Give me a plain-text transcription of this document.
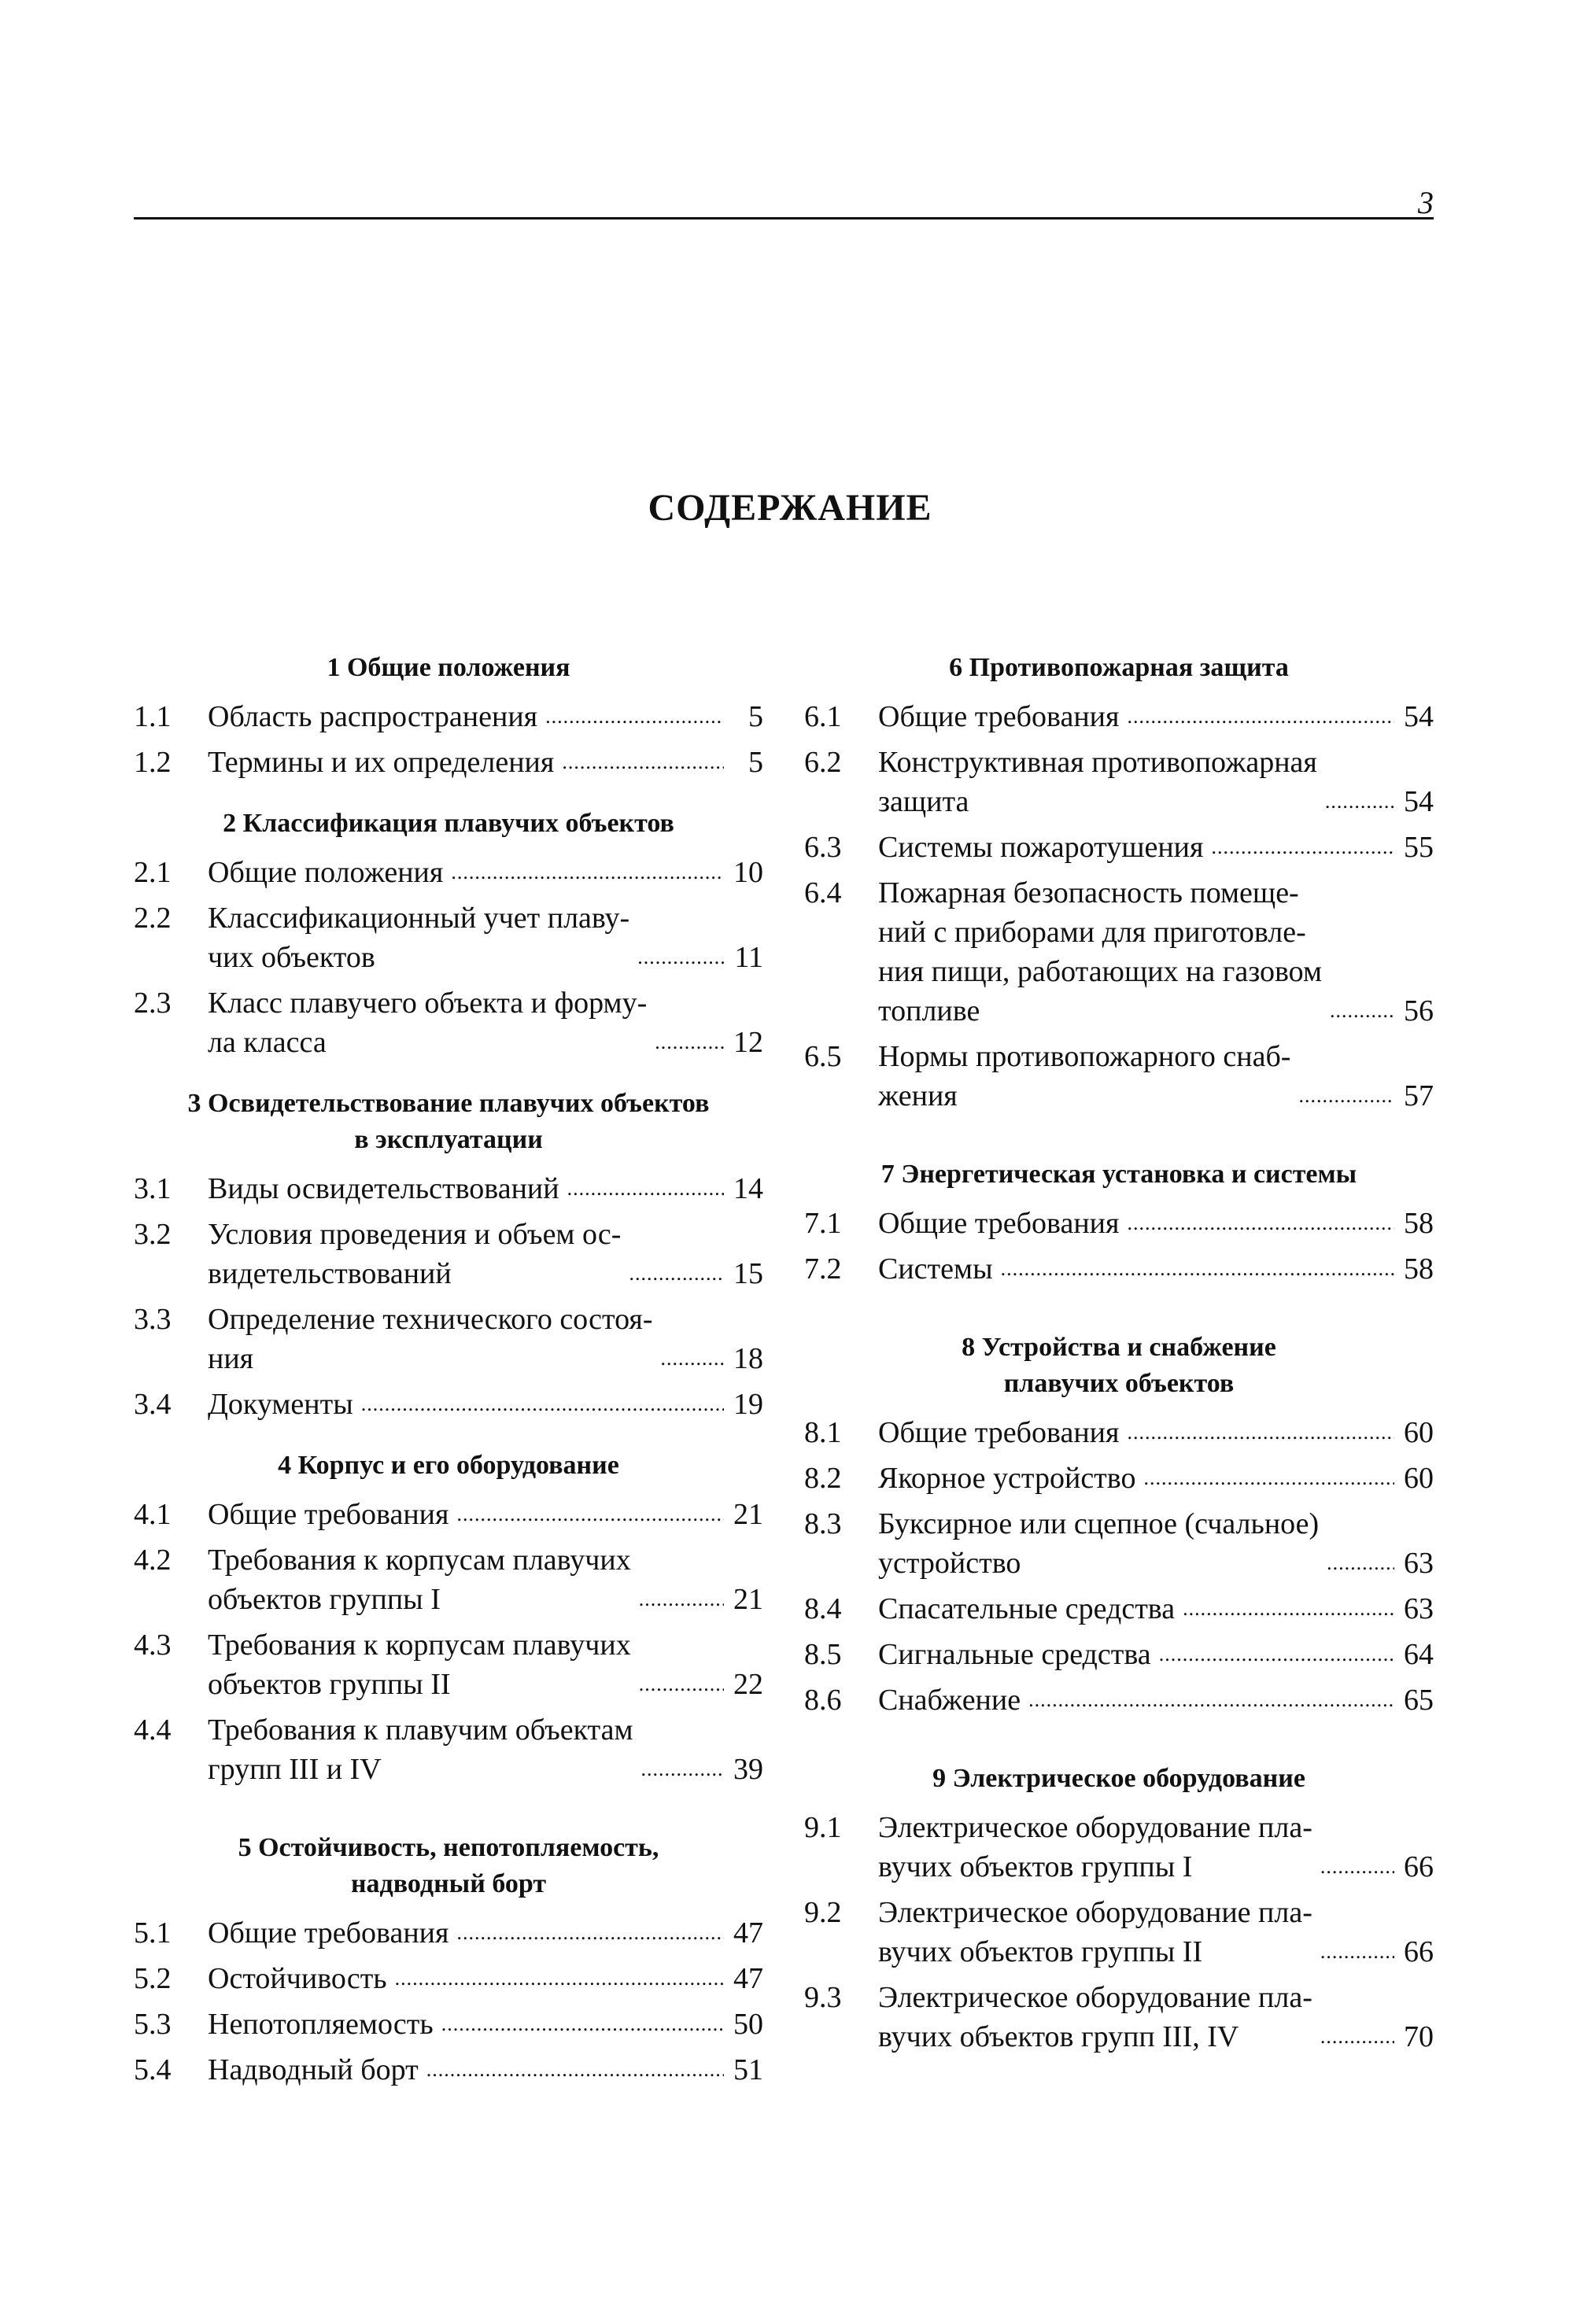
3
СОДЕРЖАНИЕ
1 Общие положения
1.1	Область распространения .....	5
1.2	Термины и их определения .....	5
2 Классификация плавучих объектов
2.1	Общие положения .....	10
2.2	Классификационный учет плаву-
чих объектов .....	11
2.3	Класс плавучего объекта и форму-
ла класса .....	12
3 Освидетельствование плавучих объектов
в эксплуатации
3.1	Виды освидетельствований .....	14
3.2	Условия проведения и объем ос-
видетельствований .....	15
3.3	Определение технического состоя-
ния .....	18
3.4	Документы .....	19
4 Корпус и его оборудование
4.1	Общие требования .....	21
4.2	Требования к корпусам плавучих
объектов группы I .....	21
4.3	Требования к корпусам плавучих
объектов группы II .....	22
4.4	Требования к плавучим объектам
групп III и IV .....	39
5 Остойчивость, непотопляемость,
надводный борт
5.1	Общие требования .....	47
5.2	Остойчивость .....	47
5.3	Непотопляемость .....	50
5.4	Надводный борт .....	51
6 Противопожарная защита
6.1	Общие требования .....	54
6.2	Конструктивная противопожарная
защита .....	54
6.3	Системы пожаротушения .....	55
6.4	Пожарная безопасность помеще-
ний с приборами для приготовле-
ния пищи, работающих на газовом
топливе .....	56
6.5	Нормы противопожарного снаб-
жения .....	57
7 Энергетическая установка и системы
7.1	Общие требования .....	58
7.2	Системы .....	58
8 Устройства и снабжение
плавучих объектов
8.1	Общие требования .....	60
8.2	Якорное устройство .....	60
8.3	Буксирное или сцепное (счальное)
устройство .....	63
8.4	Спасательные средства .....	63
8.5	Сигнальные средства .....	64
8.6	Снабжение .....	65
9 Электрическое оборудование
9.1	Электрическое оборудование пла-
вучих объектов группы I .....	66
9.2	Электрическое оборудование пла-
вучих объектов группы II .....	66
9.3	Электрическое оборудование пла-
вучих объектов групп III, IV .....	70
